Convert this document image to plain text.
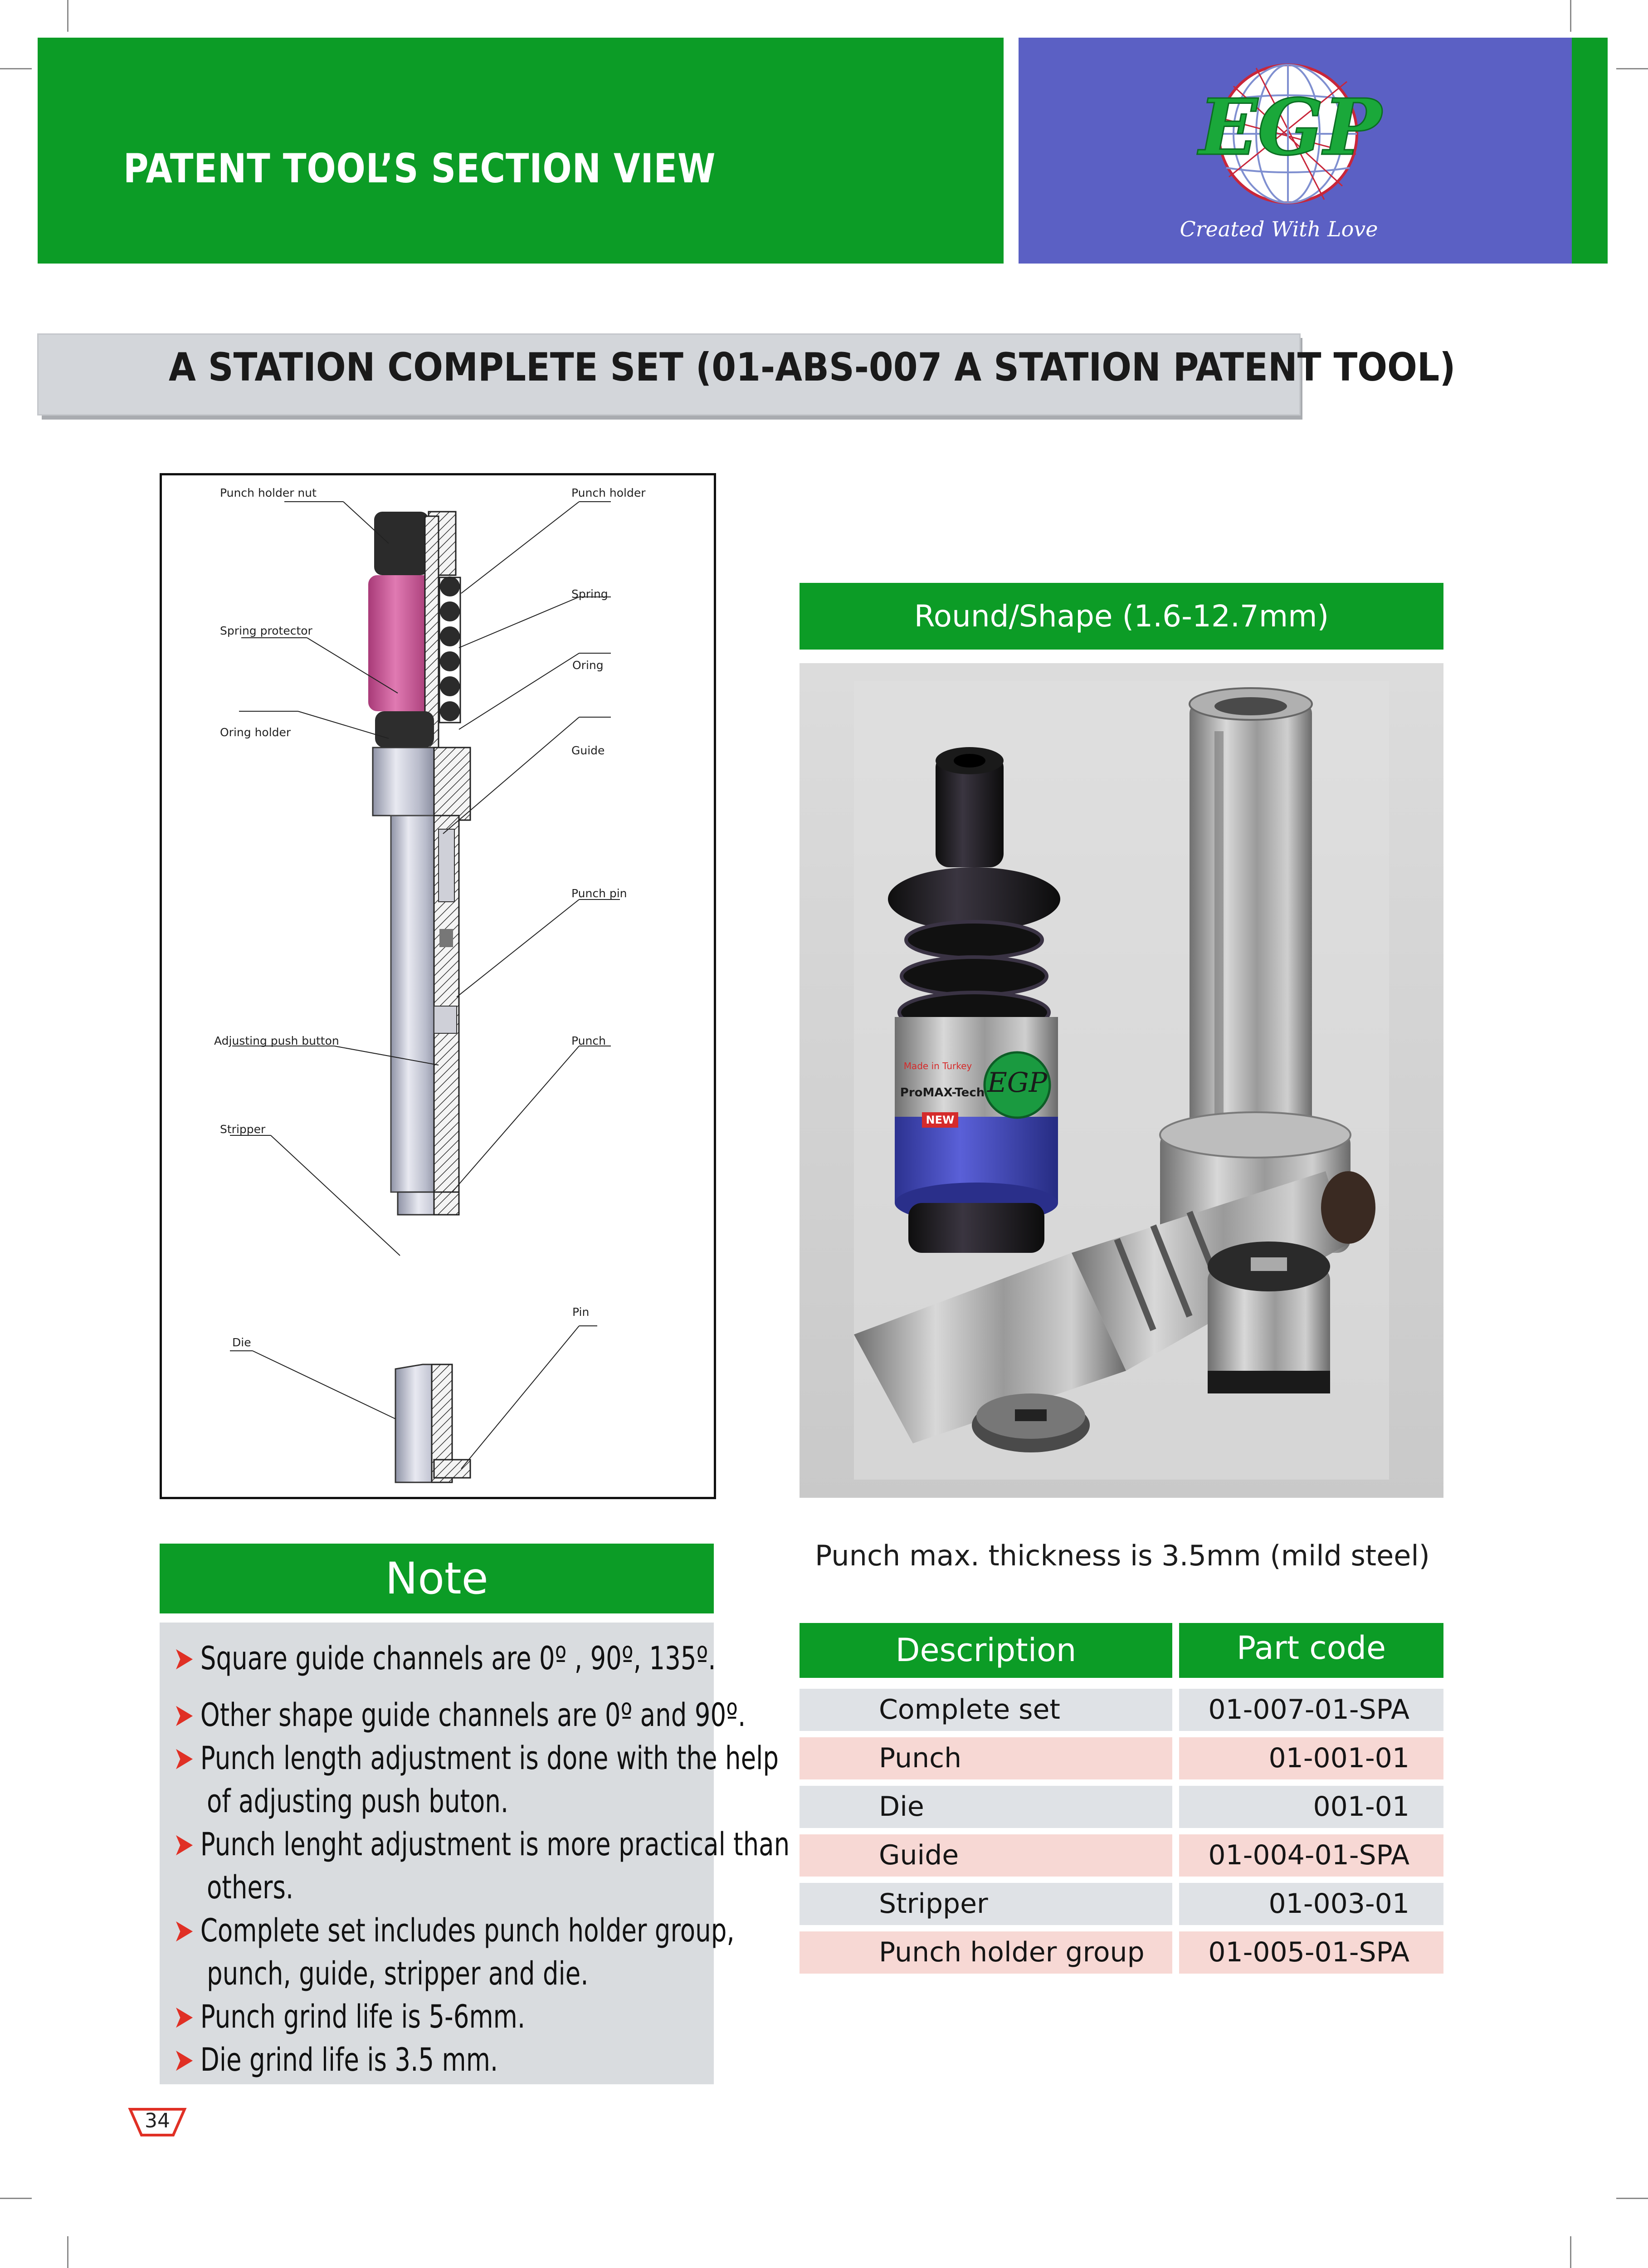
PATENT TOOL’S SECTION VIEW	EGP
Created With Love
A STATION COMPLETE SET (01-ABS-007 A STATION PATENT TOOL)
Punch holder nut	Punch holder
Spring
Spring protector
Oring
Oring holder
Guide
Punch pin
Adjusting push button	Punch
Stripper
Pin
Die
Round/Shape (1.6-12.7mm)
EGP
NEW
Made in Turkey
ProMAX-Tech
Punch max. thickness is 3.5mm (mild steel)
Note
➤ Square guide channels are 0º , 90º, 135º.
➤ Other shape guide channels are 0º and 90º.
➤ Punch length adjustment is done with the help
of adjusting push buton.
➤ Punch lenght adjustment is more practical than
others.
➤ Complete set includes punch holder group,
punch, guide, stripper and die.
➤ Punch grind life is 5-6mm.
➤ Die grind life is 3.5 mm.
Description	Part code
Complete set	01-007-01-SPA
Punch	01-001-01
Die	001-01
Guide	01-004-01-SPA
Stripper	01-003-01
Punch holder group 01-005-01-SPA
34
